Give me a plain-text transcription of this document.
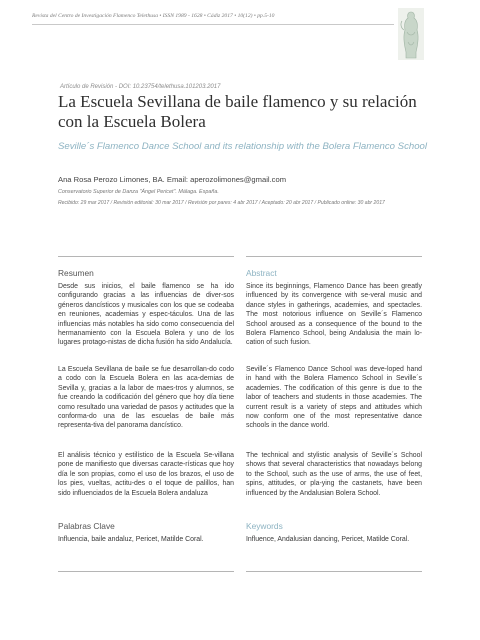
Revista del Centro de Investigación Flamenco Telethusa • ISSN 1989 - 1628 • Cádiz 2017 • 10(12) • pp.5-10
Artículo de Revisión - DOI: 10.23754/telethusa.101203.2017
La Escuela Sevillana de baile flamenco y su relación con la Escuela Bolera
Seville´s Flamenco Dance School and its relationship with the Bolera Flamenco School
Ana Rosa Perozo Limones, BA. Email: aperozolimones@gmail.com
Conservatorio Superior de Danza "Ángel Pericet". Málaga. España.
Recibido: 29 mar 2017 / Revisión editorial: 30 mar 2017 / Revisión por pares: 4 abr 2017 / Aceptado: 20 abr 2017 / Publicado online: 30 abr 2017
Resumen
Desde sus inicios, el baile flamenco se ha ido configurando gracias a las influencias de diver-sos géneros dancísticos y musicales con los que se codeaba en reuniones, academias y espec-táculos. Una de las influencias más notables ha sido como consecuencia del hermanamiento con la Escuela Bolera y uno de los lugares protago-nistas de dicha fusión ha sido Andalucía.
La Escuela Sevillana de baile se fue desarrollan-do codo a codo con la Escuela Bolera en las aca-demias de Sevilla y, gracias a la labor de maes-tros y alumnos, se fue creando la codificación del género que hoy día tiene como resultado una variedad de pasos y actitudes que la conforma-do una de las escuelas de baile más representa-tiva del panorama dancístico.
El análisis técnico y estilístico de la Escuela Se-villana pone de manifiesto que diversas caracte-rísticas que hoy día le son propias, como el uso de los brazos, el uso de los pies, vueltas, actitu-des o el toque de palillos, han sido influenciados de la Escuela Bolera andaluza
Palabras Clave
Influencia, baile andaluz, Pericet, Matilde Coral.
Abstract
Since its beginnings, Flamenco Dance has been greatly influenced by its convergence with se-veral music and dance styles in gatherings, academies, and spectacles. The most notorious influence on Seville´s Flamenco School aroused as a consequence of the bound to the Bolera Flamenco School, being Andalusia the main lo-cation of such fusion.
Seville´s Flamenco Dance School was deve-loped hand in hand with the Bolera Flamenco School in Seville´s academies. The codification of this genre is due to the labor of teachers and students in those academies. The current result is a variety of steps and attitudes which now conform one of the most representative dance schools in the dance world.
The technical and stylistic analysis of Seville´s School shows that several characteristics that nowadays belong to the School, such as the use of arms, the use of feet, spins, attitudes, or pla-ying the castanets, have been influenced by the Andalusian Bolera School.
Keywords
Influence, Andalusian dancing, Pericet, Matilde Coral.
